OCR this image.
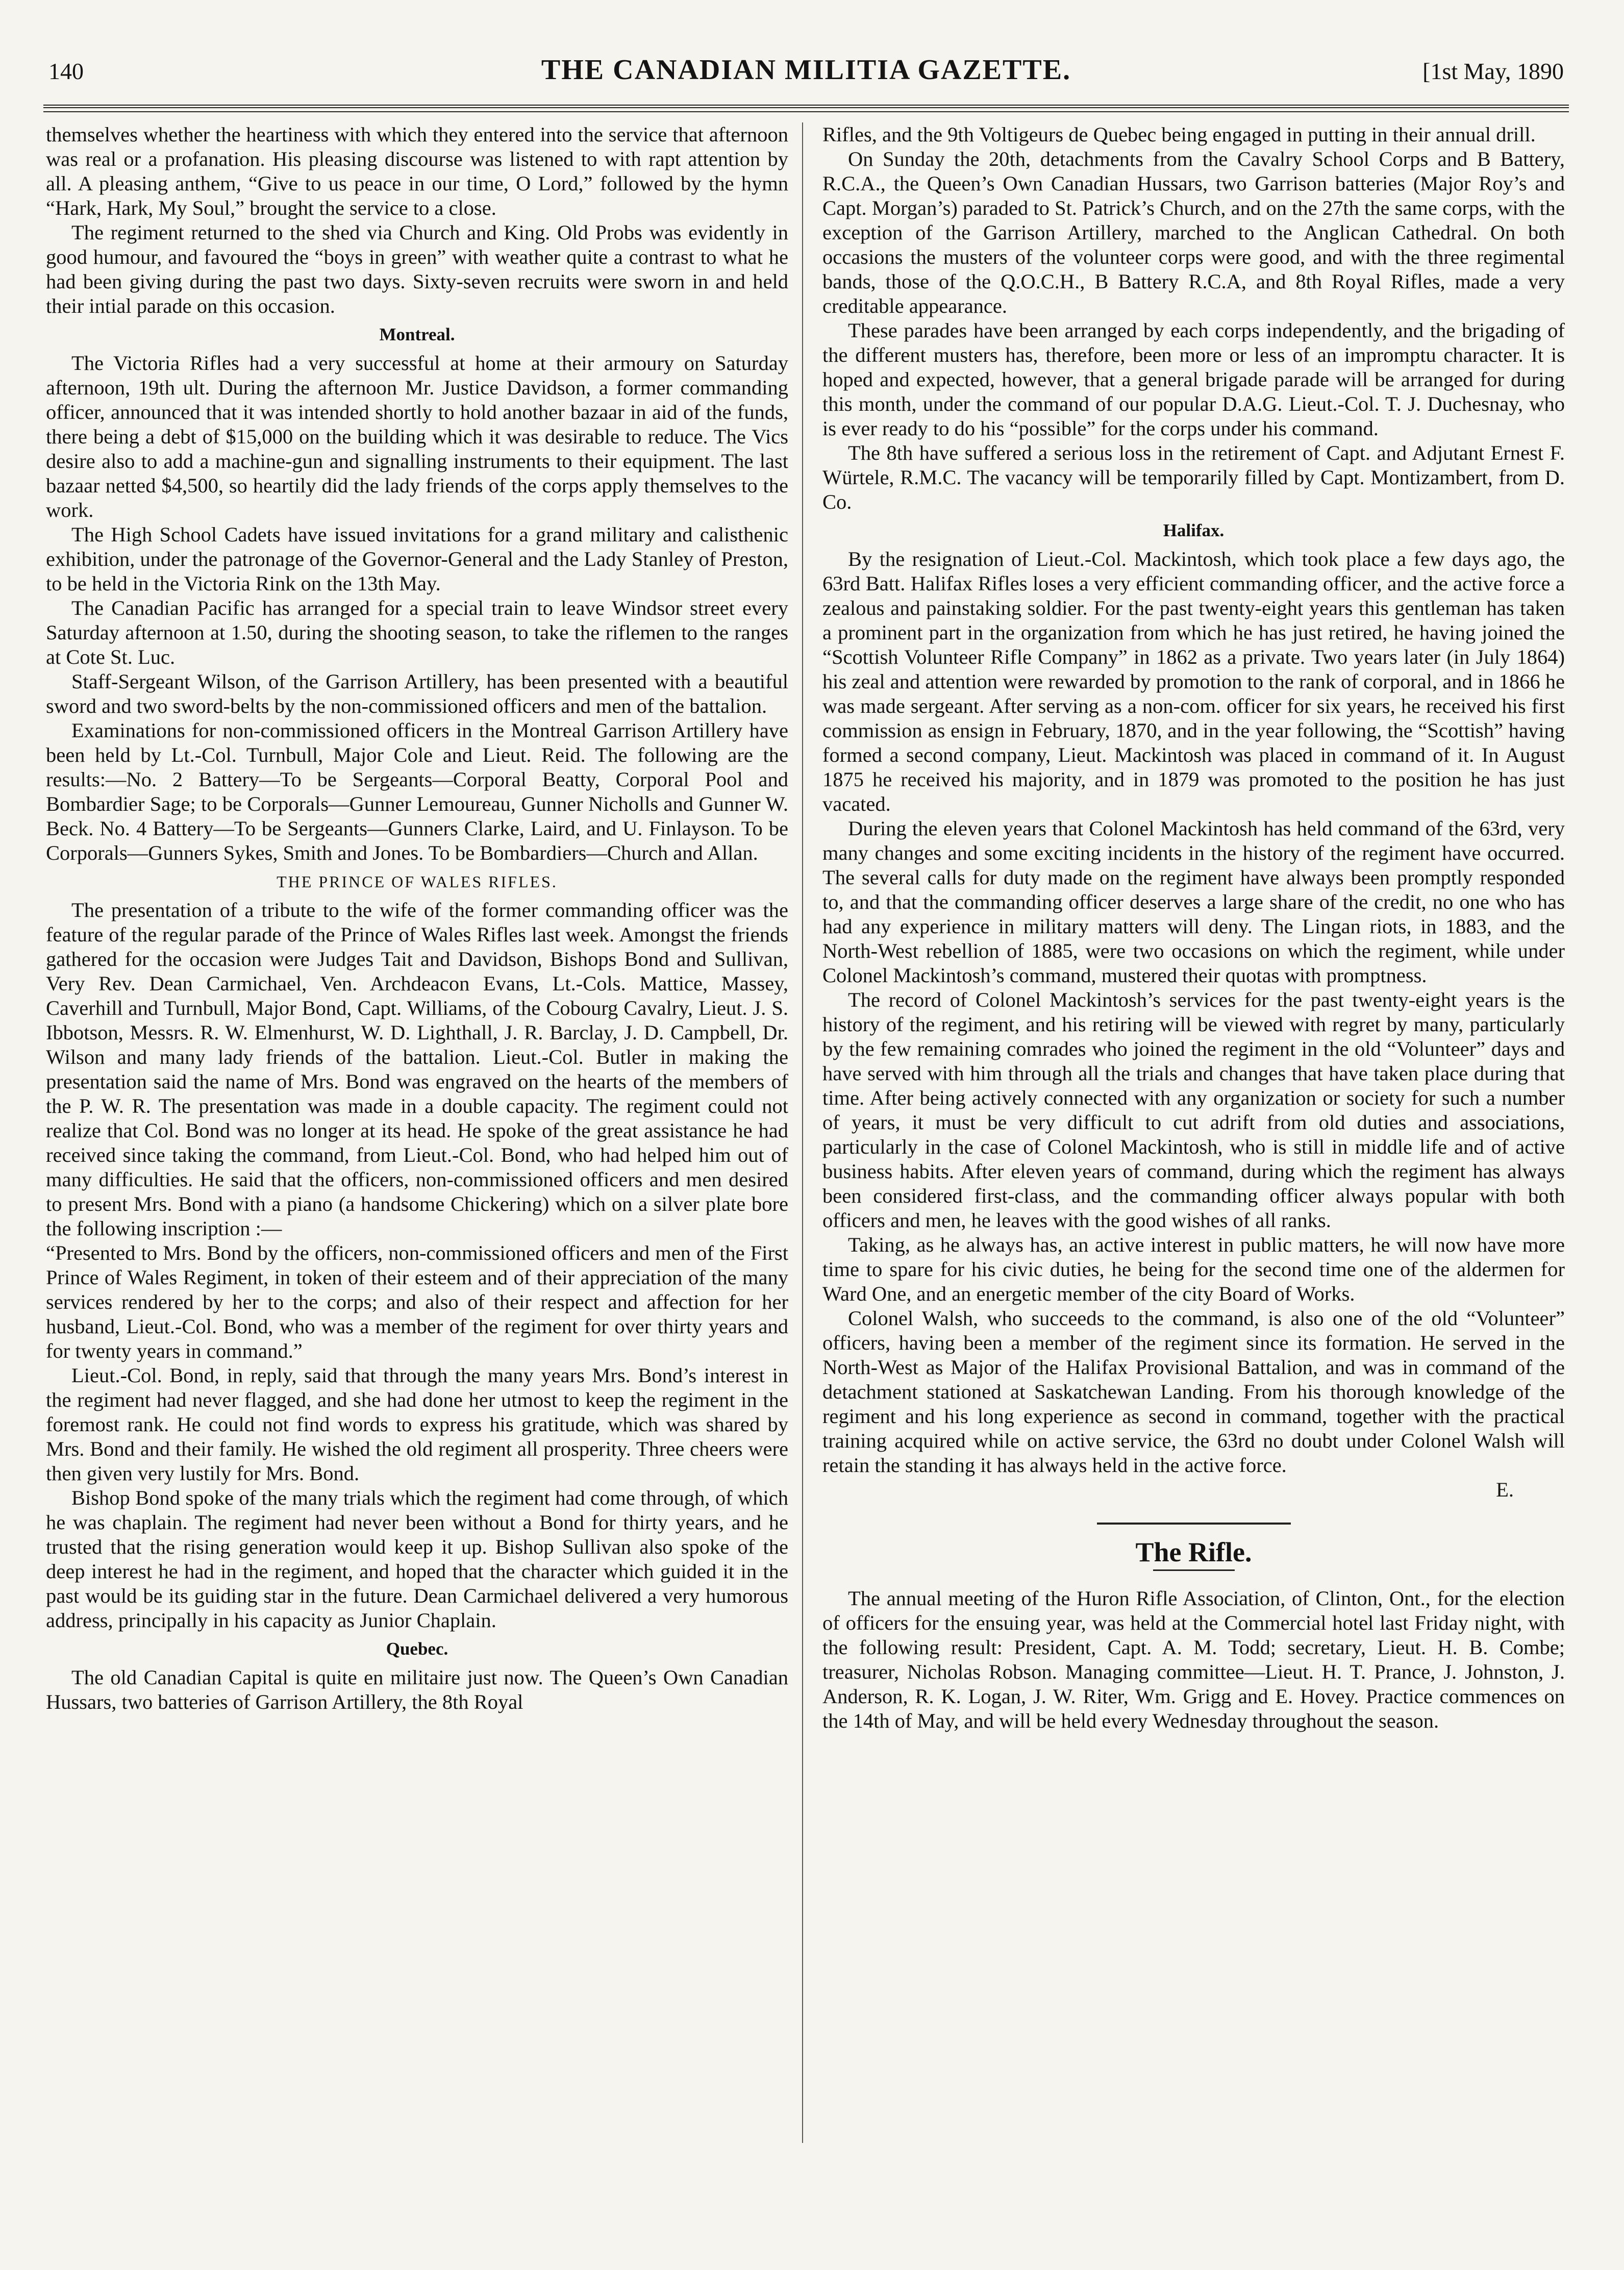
140	THE CANADIAN MILITIA GAZETTE.	[1st May, 1890

themselves whether the heartiness with which they entered into the service that afternoon was real or a profanation. His pleasing discourse was listened to with rapt attention by all. A pleasing anthem, “Give to us peace in our time, O Lord,” followed by the hymn “Hark, Hark, My Soul,” brought the service to a close.

The regiment returned to the shed via Church and King. Old Probs was evidently in good humour, and favoured the “boys in green” with weather quite a contrast to what he had been giving during the past two days. Sixty-seven recruits were sworn in and held their intial parade on this occasion.

Montreal.

The Victoria Rifles had a very successful at home at their armoury on Saturday afternoon, 19th ult. During the afternoon Mr. Justice Davidson, a former commanding officer, announced that it was intended shortly to hold another bazaar in aid of the funds, there being a debt of $15,000 on the building which it was desirable to reduce. The Vics desire also to add a machine-gun and signalling instruments to their equipment. The last bazaar netted $4,500, so heartily did the lady friends of the corps apply themselves to the work.

The High School Cadets have issued invitations for a grand military and calisthenic exhibition, under the patronage of the Governor-General and the Lady Stanley of Preston, to be held in the Victoria Rink on the 13th May.

The Canadian Pacific has arranged for a special train to leave Windsor street every Saturday afternoon at 1.50, during the shooting season, to take the riflemen to the ranges at Cote St. Luc.

Staff-Sergeant Wilson, of the Garrison Artillery, has been presented with a beautiful sword and two sword-belts by the non-commissioned officers and men of the battalion.

Examinations for non-commissioned officers in the Montreal Garrison Artillery have been held by Lt.-Col. Turnbull, Major Cole and Lieut. Reid. The following are the results:—No. 2 Battery—To be Sergeants—Corporal Beatty, Corporal Pool and Bombardier Sage; to be Corporals—Gunner Lemoureau, Gunner Nicholls and Gunner W. Beck. No. 4 Battery—To be Sergeants—Gunners Clarke, Laird, and U. Finlayson. To be Corporals—Gunners Sykes, Smith and Jones. To be Bombardiers—Church and Allan.

THE PRINCE OF WALES RIFLES.

The presentation of a tribute to the wife of the former commanding officer was the feature of the regular parade of the Prince of Wales Rifles last week. Amongst the friends gathered for the occasion were Judges Tait and Davidson, Bishops Bond and Sullivan, Very Rev. Dean Carmichael, Ven. Archdeacon Evans, Lt.-Cols. Mattice, Massey, Caverhill and Turnbull, Major Bond, Capt. Williams, of the Cobourg Cavalry, Lieut. J. S. Ibbotson, Messrs. R. W. Elmenhurst, W. D. Lighthall, J. R. Barclay, J. D. Campbell, Dr. Wilson and many lady friends of the battalion. Lieut.-Col. Butler in making the presentation said the name of Mrs. Bond was engraved on the hearts of the members of the P. W. R. The presentation was made in a double capacity. The regiment could not realize that Col. Bond was no longer at its head. He spoke of the great assistance he had received since taking the command, from Lieut.-Col. Bond, who had helped him out of many difficulties. He said that the officers, non-commissioned officers and men desired to present Mrs. Bond with a piano (a handsome Chickering) which on a silver plate bore the following inscription :—

“Presented to Mrs. Bond by the officers, non-commissioned officers and men of the First Prince of Wales Regiment, in token of their esteem and of their appreciation of the many services rendered by her to the corps; and also of their respect and affection for her husband, Lieut.-Col. Bond, who was a member of the regiment for over thirty years and for twenty years in command.”

Lieut.-Col. Bond, in reply, said that through the many years Mrs. Bond’s interest in the regiment had never flagged, and she had done her utmost to keep the regiment in the foremost rank. He could not find words to express his gratitude, which was shared by Mrs. Bond and their family. He wished the old regiment all prosperity. Three cheers were then given very lustily for Mrs. Bond.

Bishop Bond spoke of the many trials which the regiment had come through, of which he was chaplain. The regiment had never been without a Bond for thirty years, and he trusted that the rising generation would keep it up. Bishop Sullivan also spoke of the deep interest he had in the regiment, and hoped that the character which guided it in the past would be its guiding star in the future. Dean Carmichael delivered a very humorous address, principally in his capacity as Junior Chaplain.

Quebec.

The old Canadian Capital is quite en militaire just now. The Queen’s Own Canadian Hussars, two batteries of Garrison Artillery, the 8th Royal

Rifles, and the 9th Voltigeurs de Quebec being engaged in putting in their annual drill.

On Sunday the 20th, detachments from the Cavalry School Corps and B Battery, R.C.A., the Queen’s Own Canadian Hussars, two Garrison batteries (Major Roy’s and Capt. Morgan’s) paraded to St. Patrick’s Church, and on the 27th the same corps, with the exception of the Garrison Artillery, marched to the Anglican Cathedral. On both occasions the musters of the volunteer corps were good, and with the three regimental bands, those of the Q.O.C.H., B Battery R.C.A, and 8th Royal Rifles, made a very creditable appearance.

These parades have been arranged by each corps independently, and the brigading of the different musters has, therefore, been more or less of an impromptu character. It is hoped and expected, however, that a general brigade parade will be arranged for during this month, under the command of our popular D.A.G. Lieut.-Col. T. J. Duchesnay, who is ever ready to do his “possible” for the corps under his command.

The 8th have suffered a serious loss in the retirement of Capt. and Adjutant Ernest F. Würtele, R.M.C. The vacancy will be temporarily filled by Capt. Montizambert, from D. Co.

Halifax.

By the resignation of Lieut.-Col. Mackintosh, which took place a few days ago, the 63rd Batt. Halifax Rifles loses a very efficient commanding officer, and the active force a zealous and painstaking soldier. For the past twenty-eight years this gentleman has taken a prominent part in the organization from which he has just retired, he having joined the “Scottish Volunteer Rifle Company” in 1862 as a private. Two years later (in July 1864) his zeal and attention were rewarded by promotion to the rank of corporal, and in 1866 he was made sergeant. After serving as a non-com. officer for six years, he received his first commission as ensign in February, 1870, and in the year following, the “Scottish” having formed a second company, Lieut. Mackintosh was placed in command of it. In August 1875 he received his majority, and in 1879 was promoted to the position he has just vacated.

During the eleven years that Colonel Mackintosh has held command of the 63rd, very many changes and some exciting incidents in the history of the regiment have occurred. The several calls for duty made on the regiment have always been promptly responded to, and that the commanding officer deserves a large share of the credit, no one who has had any experience in military matters will deny. The Lingan riots, in 1883, and the North-West rebellion of 1885, were two occasions on which the regiment, while under Colonel Mackintosh’s command, mustered their quotas with promptness.

The record of Colonel Mackintosh’s services for the past twenty-eight years is the history of the regiment, and his retiring will be viewed with regret by many, particularly by the few remaining comrades who joined the regiment in the old “Volunteer” days and have served with him through all the trials and changes that have taken place during that time. After being actively connected with any organization or society for such a number of years, it must be very difficult to cut adrift from old duties and associations, particularly in the case of Colonel Mackintosh, who is still in middle life and of active business habits. After eleven years of command, during which the regiment has always been considered first-class, and the commanding officer always popular with both officers and men, he leaves with the good wishes of all ranks.

Taking, as he always has, an active interest in public matters, he will now have more time to spare for his civic duties, he being for the second time one of the aldermen for Ward One, and an energetic member of the city Board of Works.

Colonel Walsh, who succeeds to the command, is also one of the old “Volunteer” officers, having been a member of the regiment since its formation. He served in the North-West as Major of the Halifax Provisional Battalion, and was in command of the detachment stationed at Saskatchewan Landing. From his thorough knowledge of the regiment and his long experience as second in command, together with the practical training acquired while on active service, the 63rd no doubt under Colonel Walsh will retain the standing it has always held in the active force.

E.

The Rifle.

The annual meeting of the Huron Rifle Association, of Clinton, Ont., for the election of officers for the ensuing year, was held at the Commercial hotel last Friday night, with the following result: President, Capt. A. M. Todd; secretary, Lieut. H. B. Combe; treasurer, Nicholas Robson. Managing committee—Lieut. H. T. Prance, J. Johnston, J. Anderson, R. K. Logan, J. W. Riter, Wm. Grigg and E. Hovey. Practice commences on the 14th of May, and will be held every Wednesday throughout the season.
